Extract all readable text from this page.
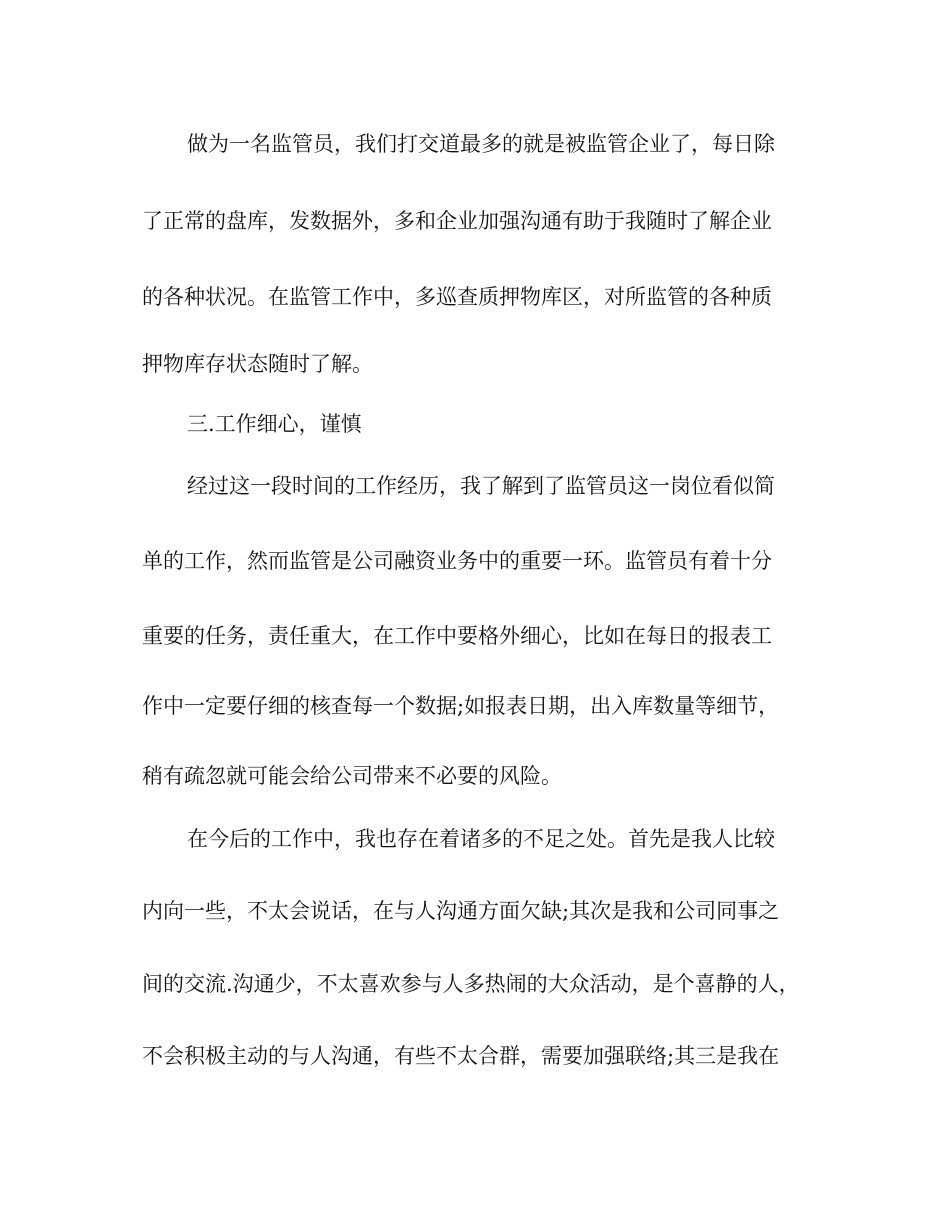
做为一名监管员，我们打交道最多的就是被监管企业了，每日除

了正常的盘库，发数据外，多和企业加强沟通有助于我随时了解企业

的各种状况。在监管工作中，多巡查质押物库区，对所监管的各种质

押物库存状态随时了解。

三.工作细心，谨慎

经过这一段时间的工作经历，我了解到了监管员这一岗位看似简

单的工作，然而监管是公司融资业务中的重要一环。监管员有着十分

重要的任务，责任重大，在工作中要格外细心，比如在每日的报表工

作中一定要仔细的核查每一个数据;如报表日期，出入库数量等细节，

稍有疏忽就可能会给公司带来不必要的风险。

在今后的工作中，我也存在着诸多的不足之处。首先是我人比较

内向一些，不太会说话，在与人沟通方面欠缺;其次是我和公司同事之

间的交流.沟通少，不太喜欢参与人多热闹的大众活动，是个喜静的人，

不会积极主动的与人沟通，有些不太合群，需要加强联络;其三是我在
